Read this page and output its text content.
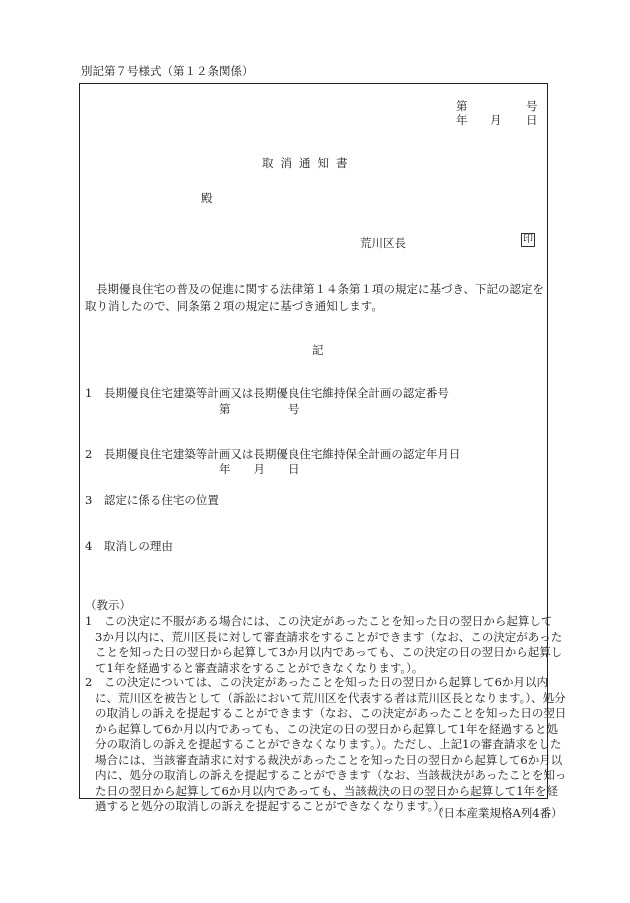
別記第７号様式（第１２条関係）
第	号
年 月 日
取消通知書
殿
荒川区長	印
長期優良住宅の普及の促進に関する法律第１４条第１項の規定に基づき、下記の認定を取り消したので、同条第２項の規定に基づき通知します。
記
1　長期優良住宅建築等計画又は長期優良住宅維持保全計画の認定番号
第　　　　　号
2　長期優良住宅建築等計画又は長期優良住宅維持保全計画の認定年月日
年　　月　　日
3　認定に係る住宅の位置
4　取消しの理由
（教示）
1	この決定に不服がある場合には、この決定があったことを知った日の翌日から起算して
3か月以内に、荒川区長に対して審査請求をすることができます（なお、この決定があった
ことを知った日の翌日から起算して3か月以内であっても、この決定の日の翌日から起算し
て1年を経過すると審査請求をすることができなくなります。）。
2	この決定については、この決定があったことを知った日の翌日から起算して6か月以内
に、荒川区を被告として（訴訟において荒川区を代表する者は荒川区長となります。）、処分
の取消しの訴えを提起することができます（なお、この決定があったことを知った日の翌日
から起算して6か月以内であっても、この決定の日の翌日から起算して1年を経過すると処
分の取消しの訴えを提起することができなくなります。）。ただし、上記1の審査請求をした
場合には、当該審査請求に対する裁決があったことを知った日の翌日から起算して6か月以
内に、処分の取消しの訴えを提起することができます（なお、当該裁決があったことを知っ
た日の翌日から起算して6か月以内であっても、当該裁決の日の翌日から起算して1年を経
過すると処分の取消しの訴えを提起することができなくなります。）。
（日本産業規格A列4番）
